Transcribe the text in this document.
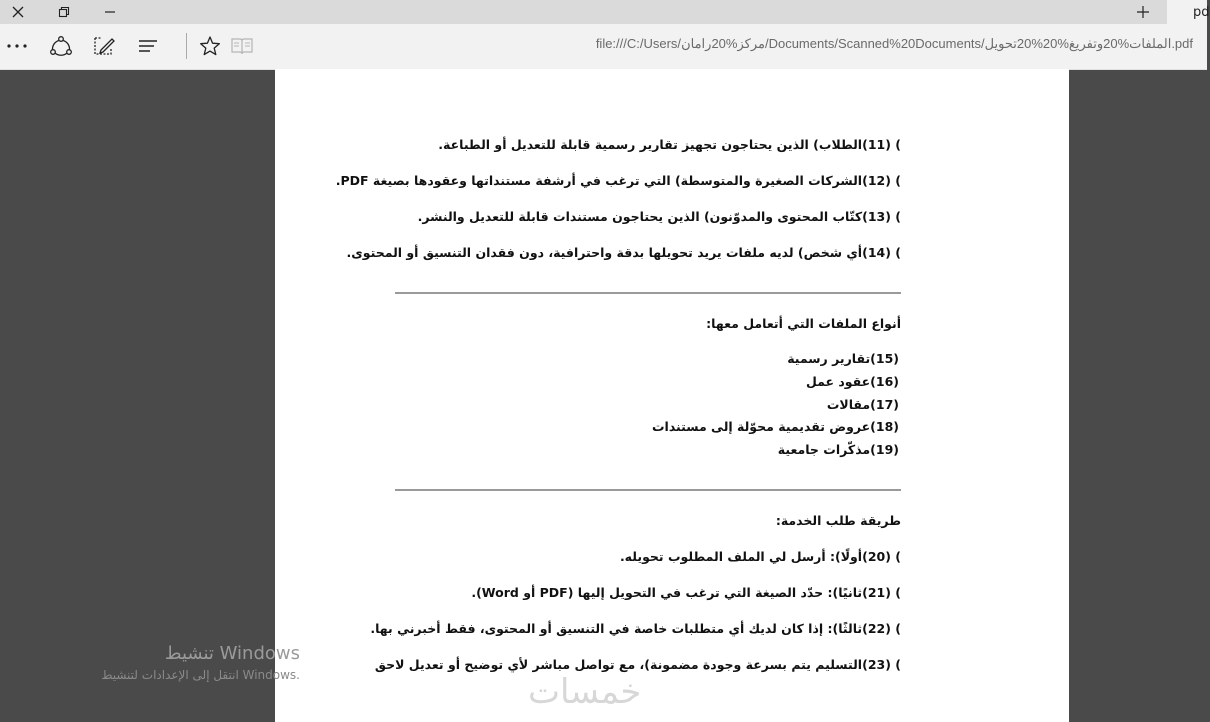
pd
file:///C:/Users/مركز%20رامان/Documents/Scanned%20Documents/الملفات%20وتفريغ%20%20تحويل.pdf
) (11)الطلاب) الذين يحتاجون تجهيز تقارير رسمية قابلة للتعديل أو الطباعة.
) (12)الشركات الصغيرة والمتوسطة) التي ترغب في أرشفة مستنداتها وعقودها بصيغة PDF.
) (13)كتّاب المحتوى والمدوّنون) الذين يحتاجون مستندات قابلة للتعديل والنشر.
) (14)أي شخص) لديه ملفات يريد تحويلها بدقة واحترافية، دون فقدان التنسيق أو المحتوى.
أنواع الملفات التي أتعامل معها:
(15)تقارير رسمية
(16)عقود عمل
(17)مقالات
(18)عروض تقديمية محوّلة إلى مستندات
(19)مذكّرات جامعية
طريقة طلب الخدمة:
) (20)أولًا): أرسل لي الملف المطلوب تحويله.
) (21)ثانيًا): حدّد الصيغة التي ترغب في التحويل إليها (PDF أو Word).
) (22)ثالثًا): إذا كان لديك أي متطلبات خاصة في التنسيق أو المحتوى، فقط أخبرني بها.
) (23)التسليم يتم بسرعة وجودة مضمونة)، مع تواصل مباشر لأي توضيح أو تعديل لاحق
تنشيط Windows
انتقل إلى الإعدادات لتنشيط Windows.	خمسات
